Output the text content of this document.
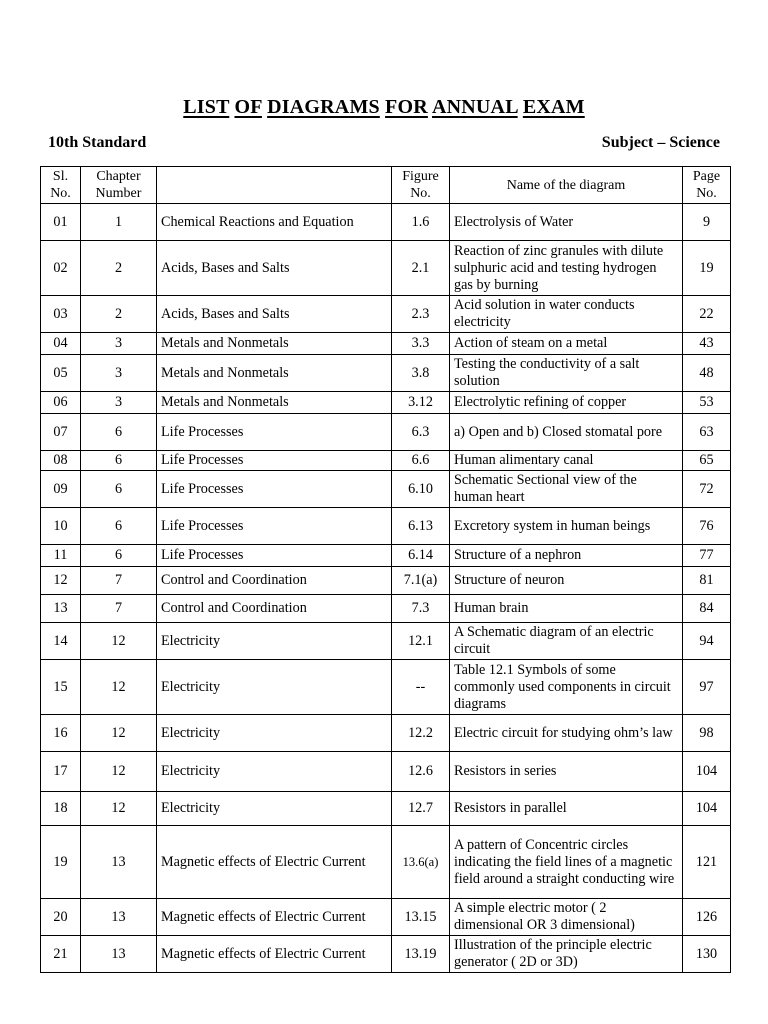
LIST OF DIAGRAMS FOR ANNUAL EXAM
10th Standard	Subject – Science
Sl. No.	Chapter Number		Figure No.	Name of the diagram	Page No.
01	1	Chemical Reactions and Equation	1.6	Electrolysis of Water	9
02	2	Acids, Bases and Salts	2.1	Reaction of zinc granules with dilute sulphuric acid and testing hydrogen gas by burning	19
03	2	Acids, Bases and Salts	2.3	Acid solution in water conducts electricity	22
04	3	Metals and Nonmetals	3.3	Action of steam on a metal	43
05	3	Metals and Nonmetals	3.8	Testing the conductivity of a salt solution	48
06	3	Metals and Nonmetals	3.12	Electrolytic refining of copper	53
07	6	Life Processes	6.3	a) Open and b) Closed stomatal pore	63
08	6	Life Processes	6.6	Human alimentary canal	65
09	6	Life Processes	6.10	Schematic Sectional view of the human heart	72
10	6	Life Processes	6.13	Excretory system in human beings	76
11	6	Life Processes	6.14	Structure of a nephron	77
12	7	Control and Coordination	7.1(a)	Structure of neuron	81
13	7	Control and Coordination	7.3	Human brain	84
14	12	Electricity	12.1	A Schematic diagram of an electric circuit	94
15	12	Electricity	--	Table 12.1 Symbols of some commonly used components in circuit diagrams	97
16	12	Electricity	12.2	Electric circuit for studying ohm’s law	98
17	12	Electricity	12.6	Resistors in series	104
18	12	Electricity	12.7	Resistors in parallel	104
19	13	Magnetic effects of Electric Current	13.6(a)	A pattern of Concentric circles indicating the field lines of a magnetic field around a straight conducting wire	121
20	13	Magnetic effects of Electric Current	13.15	A simple electric motor ( 2 dimensional OR 3 dimensional)	126
21	13	Magnetic effects of Electric Current	13.19	Illustration of the principle electric generator ( 2D or 3D)	130
